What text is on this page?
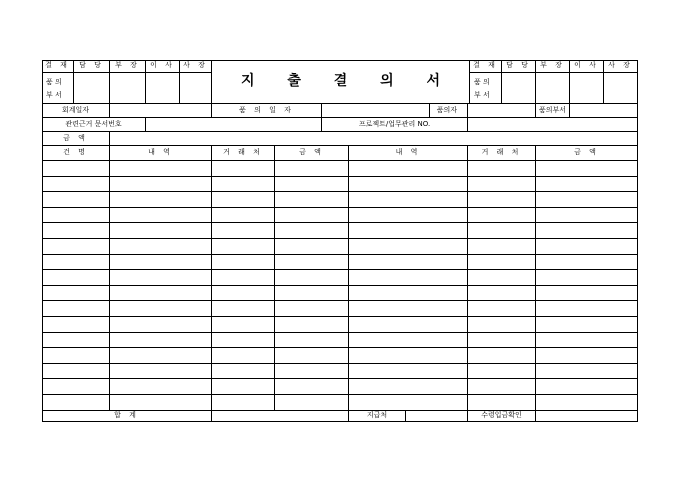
결 재	담 당	부 장	이 사	사 장
품 의
부 서
지 출 결 의 서
결 재	담 당	부 장	이 사	사 장
품 의
부 서
회계일자	품 의 일 자	품의자	품의부서
관련근거 문서번호	프로젝트/업무관리 NO.
금 액
건 명	내 역	거 래 처	금 액	내 역	거 래 처	금 액
합 계	지급처	수령입금확인
